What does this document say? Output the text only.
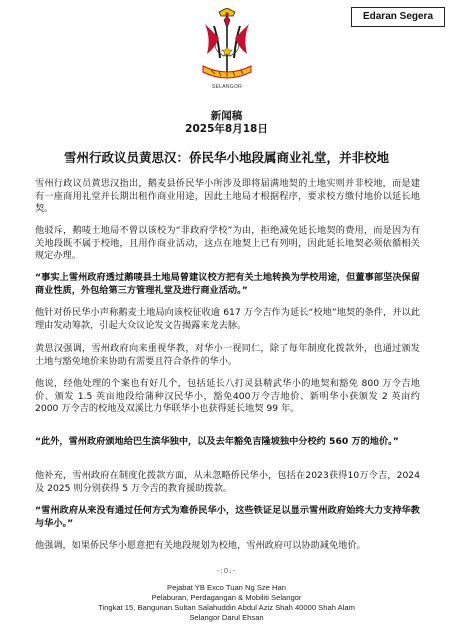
Edaran Segera
SELANGOR
新闻稿
2025年8月18日
雪州行政议员黄思汉：侨民华小地段属商业礼堂，并非校地
雪州行政议员黄思汉指出，鹅麦县侨民华小所涉及即将届满地契的土地实则并非校地，而是建有一座商用礼堂并长期出租作商业用途，因此土地局才根据程序，要求校方缴付地价以延长地契。
他驳斥，鹅唛土地局不曾以该校为“非政府学校”为由，拒绝减免延长地契的费用，而是因为有关地段既不属于校地，且用作商业活动，这点在地契上已有列明，因此延长地契必须依循相关规定办理。
“事实上雪州政府透过鹅唛县土地局曾建议校方把有关土地转换为学校用途，但董事部坚决保留商业性质，外包给第三方管理礼堂及进行商业活动。”
他针对侨民华小声称鹅麦土地局向该校征收逾 617 万令吉作为延长“校地”地契的条件，并以此理由发动筹款，引起大众议论发文告揭露来龙去脉。
黄思汉强调，雪州政府向来重视华教，对华小一视同仁，除了每年制度化拨款外，也通过颁发土地与豁免地价来协助有需要且符合条件的华小。
他说，经他处理的个案也有好几个，包括延长八打灵县精武华小的地契和豁免 800 万令吉地价、颁发 1.5 英亩地段给蒲种汉民华小，豁免400万令吉地价、新明华小获颁发 2 英亩约 2000 万令吉的校地及双溪比力华联华小也获得延长地契 99 年。
“此外，雪州政府颁地给巴生滨华独中，以及去年豁免吉隆坡独中分校约 560 万的地价。”
他补充，雪州政府在制度化拨款方面，从未忽略侨民华小，包括在2023获得10万令吉，2024 及 2025 则分别获得 5 万令吉的教育援助拨款。
“雪州政府从来没有通过任何方式为难侨民华小，这些铁证足以显示雪州政府始终大力支持华教与华小。”
他强调，如果侨民华小愿意把有关地段规划为校地，雪州政府可以协助减免地价。
-:0:-
Pejabat YB Exco Tuan Ng Sze Han
Pelaburan, Perdagangan & Mobiliti Selangor
Tingkat 15, Bangunan Sultan Salahuddin Abdul Aziz Shah 40000 Shah Alam
Selangor Darul Ehsan
